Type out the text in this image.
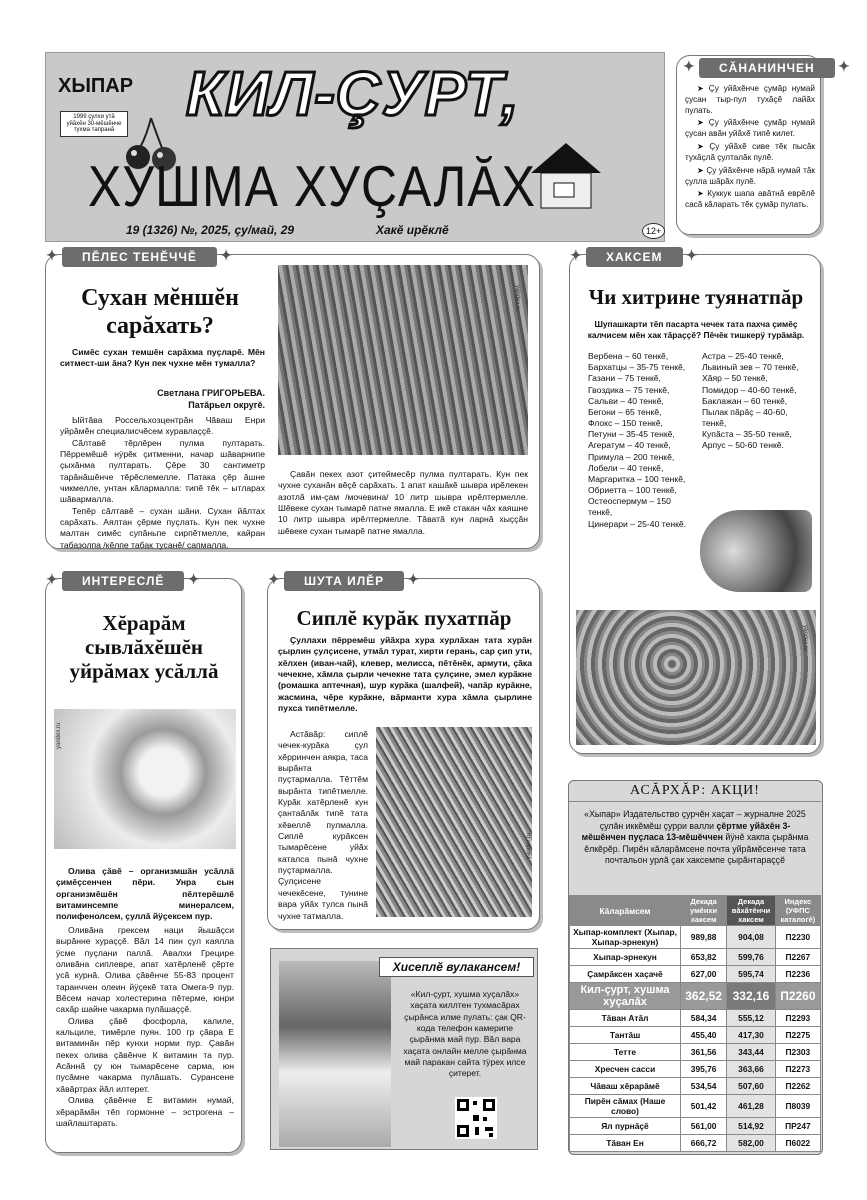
ХЫПАР
1999 çулхи утă уйăхĕн 30-мĕшĕнче тухма тапранă
КИЛ-ÇУРТ,
ХУШМА ХУÇАЛĂХ
19 (1326) №, 2025, çу/май, 29	Хакĕ ирĕклĕ	12+
✦ СĂНАНИНЧЕН ✦

➤ Çу уйăхĕнче çумăр нумай çусан тыр-пул тухăçĕ лайăх пулать.

➤ Çу уйăхĕнче çумăр нумай çусан авăн уйăхĕ типĕ килет.

➤ Çу уйăхĕ сиве тĕк пысăк тухăçлă çулталăк пулĕ.

➤ Çу уйăхĕнче нăрă нумай тăк çулла шăрăх пулĕ.

➤ Куккук шапа авăтнă еврĕлĕ сасă кăларать тĕк çумăр пулать.

✦ ПĔЛЕС ТЕНĔЧЧĔ ✦
Сухан мĕншĕн сарăхать?

Симĕс сухан темшĕн сарăхма пуçларĕ. Мĕн ситмест-ши ăна? Кун пек чухне мĕн тумалла?

Светлана ГРИГОРЬЕВА.
Патăрьел округĕ.

Ыйтăва Россельхозцентрăн Чăваш Енри уйрăмĕн специалисчĕсем хуравлаççĕ.

Сăлтавĕ тĕрлĕрен пулма пултарать. Пĕрремĕшĕ нÿрĕк çитменни, начар шăварнипе çыхăнма пултарать. Çĕре 30 сантиметр тарăнăшĕнче тĕрĕслемелле. Патака çĕр ăшне чикмелле, унтан кăлармалла: типĕ тĕк – ытларах шăвармалла.

Тепĕр сăлтавĕ – сухан шăни. Сухан йăлтах сарăхать. Аялтан çĕрме пуçлать. Кун пек чухне малтан симĕс супăньпе сирпĕтмелле, кайран табазолпа /кĕлпе табак тусанĕ/ сапмалла.

yandex.ru

Çавăн пекех азот çитеймесĕр пулма пултарать. Кун пек чухне суханăн вĕçĕ сарăхать. 1 апат кашăкĕ шывра ирĕлекен азотлă им-çам /мочевина/ 10 литр шывра ирĕлтермелле. Шĕвеке сухан тымарĕ патне ямалла. Е икĕ стакан чăх каяшне 10 литр шывра ирĕлтермелле. Тăватă кун ларнă хыççăн шĕвеке сухан тымарĕ патне ямалла.

✦ ХАКСЕМ ✦
Чи хитрине туянатпăр

Шупашкарти тĕп пасарта чечек тата пахча çимĕç калчисем мĕн хак тăраççĕ? Пĕчĕк тишкерÿ турăмăр.

Вербена – 60 тенкĕ,
Бархатцы – 35-75 тенкĕ,
Газани – 75 тенкĕ,
Гвоздика – 75 тенкĕ,
Сальви – 40 тенкĕ,
Бегони – 65 тенкĕ,
Флокс – 150 тенкĕ,
Петуни – 35-45 тенкĕ,
Агератум – 40 тенкĕ,
Примула – 200 тенкĕ,
Лобели – 40 тенкĕ,
Маргаритка – 100 тенкĕ,
Обриетта – 100 тенкĕ,
Остеоспермум – 150 тенкĕ,
Цинерари – 25-40 тенкĕ.
Астра – 25-40 тенкĕ,
Львиный зев – 70 тенкĕ,
Хăяр – 50 тенкĕ,
Помидор – 40-60 тенкĕ,
Баклажан – 60 тенкĕ,
Пылак пăрăç – 40-60, тенкĕ,
Купăста – 35-50 тенкĕ,
Арпус – 50-60 тенкĕ.
yandex.ru
✦ ИНТЕРЕСЛĔ ✦
Хĕрарăм сывлăхĕшĕн уйрăмах усăллă
yandex.ru

Олива çăвĕ – организмшăн усăллă çимĕçсенчен пĕри. Унра сын организмĕшĕн пĕлтерĕшлĕ витаминсемпе минералсем, полифенолсем, çуллă йÿçексем пур.

Оливăна грексем наци йышăçси вырăнне хураççĕ. Вăл 14 пин çул каялла ÿсме пуçлани паллă. Авалхи Грецире оливăна сиплевре, апат хатĕрленĕ çĕрте усă курнă. Олива çăвĕнче 55-83 процент таранччен олеин йÿçекĕ тата Омега-9 пур. Вĕсем начар холестерина пĕтерме, юнри сахăр шайне чакарма пулăшаççĕ.

Олива çăвĕ фосфорла, калиле, кальциле, тимĕрле пуян. 100 гр çăвра Е витаминăн пĕр кунхи норми пур. Çавăн пекех олива çăвĕнче К витамин та пур. Асăннă çу юн тымарĕсене сарма, юн пусăмне чакарма пулăшать. Сурансене хăвăртрах йăл илтерет.

Олива çăвĕнче Е витамин нумай, хĕрарăмăн тĕп гормонне – эстрогена – шайлаштарать.

✦ ШУТА ИЛĔР ✦
Сиплĕ курăк пухатпăр

Çуллахи пĕрремĕш уйăхра хура хурлăхан тата хурăн çырлин çулçисене, утмăл турат, хирти герань, сар çип ути, хĕлхен (иван-чай), клевер, мелисса, пĕтĕнĕк, армути, çăка чечекне, хăмла çырли чечекне тата çулçине, эмел курăкне (ромашка аптечная), шур курăка (шалфей), чапăр курăкне, жасмина, чĕре курăкне, вăрманти хура хăмла çырлине пухса типĕтмелле.

Астăвăр: сиплĕ чечек-курăка çул хĕрринчен аякра, таса вырăнта пуçтармалла. Тĕттĕм вырăнта типĕтмелле. Курăк хатĕрленĕ кун çантаăлăк типĕ тата хĕвеллĕ пулмалла. Сиплĕ курăксен тымарĕсене уйăх каталса пынă чухне пуçтармалла. Çулçисене чечекĕсене, тунине вара уйăх тулса пынă чухне татмалла.

yandex.ru
Хисеплĕ вулакансем!

«Кил-çурт, хушма хуçалăх» хаçата киллтен тухмасăрах çырăнса илме пулать: çак QR- кода телефон камерипе çырăнма май пур. Вăл вара хаçата онлайн мелле çырăнма май паракан сайта тÿрех илсе çитерет.

АСĂРХĂР: АКЦИ!

«Хыпар» Издательство çурчĕн хаçат – журналне 2025 çулăн иккĕмĕш çурри валли çĕртме уйăхĕн 3-мĕшĕнчен пуçласа 13-мĕшĕччен йÿнĕ хакпа çырăнма ĕлкĕрĕр. Пирĕн кăларăмсене почта уйрăмĕсенче тата почтальон урлă çак хаксемпе çырăнтараççĕ

Кăларăмсем	Декада умĕнхи хаксем	Декада вăхăтĕнчи хаксем	Индекс (УФПС каталогĕ)
Хыпар-комплект (Хыпар, Хыпар-эрнекун)	989,88	904,08	П2230
Хыпар-эрнекун	653,82	599,76	П2267
Çамрăксен хаçачĕ	627,00	595,74	П2236
Кил-çурт, хушма хуçалăх	362,52	332,16	П2260
Тăван Атăл	584,34	555,12	П2293
Тантăш	455,40	417,30	П2275
Тетте	361,56	343,44	П2303
Хресчен сасси	395,76	363,66	П2273
Чăваш хĕрарăмĕ	534,54	507,60	П2262
Пирĕн сăмах (Наше слово)	501,42	461,28	П8039
Ял пурнăçĕ	561,00	514,92	ПР247
Тăван Ен	666,72	582,00	П6022
